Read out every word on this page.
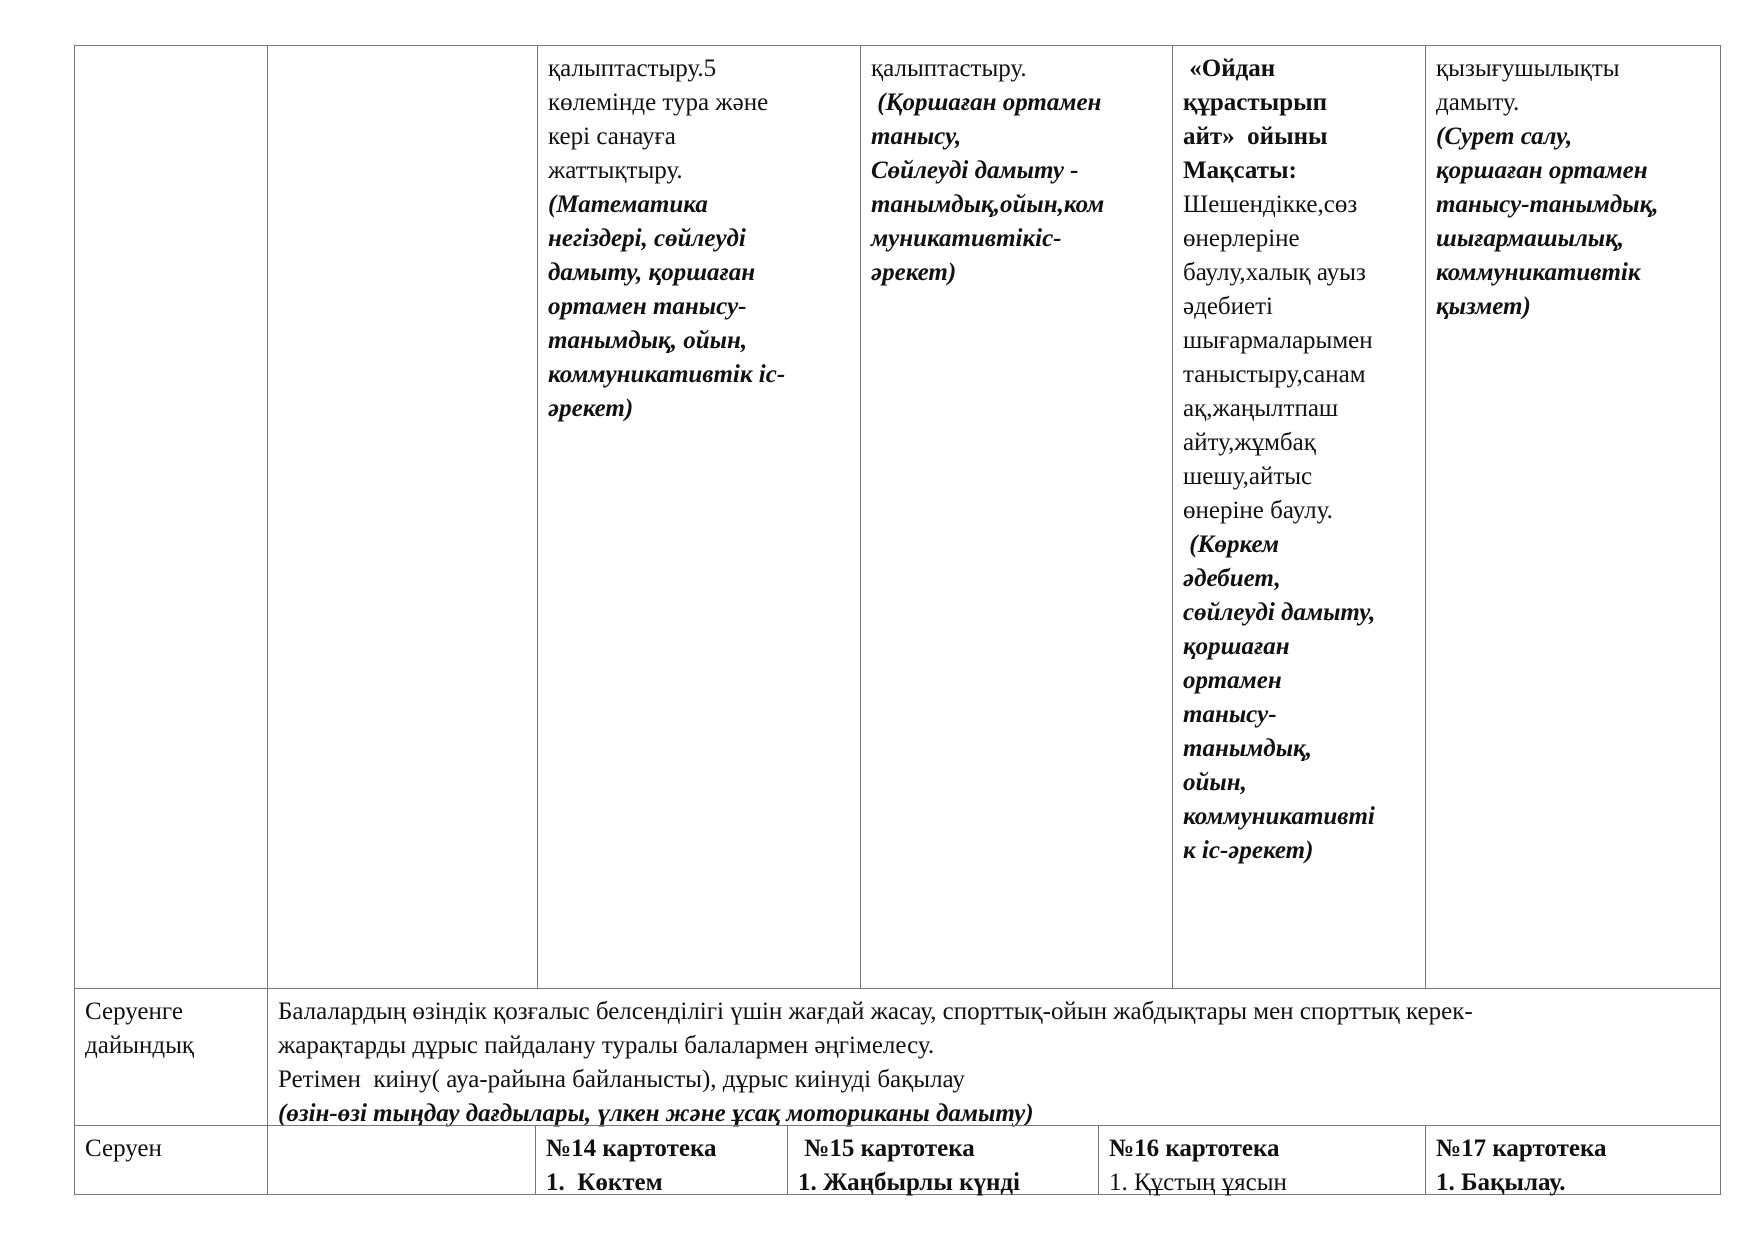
қалыптастыру.5
көлемінде тура және
кері санауға
жаттықтыру.
(Математика
негіздері, сөйлеуді
дамыту, қоршаған
ортамен танысу-
танымдық, ойын,
коммуникативтік іс-
әрекет)
қалыптастыру.
(Қоршаған ортамен
танысу,
Сөйлеуді дамыту -
танымдық,ойын,ком
муникативтікіс-
әрекет)
«Ойдан
құрастырып
айт»  ойыны
Мақсаты:
Шешендікке,сөз
өнерлеріне
баулу,халық ауыз
әдебиеті
шығармаларымен
таныстыру,санам
ақ,жаңылтпаш
айту,жұмбақ
шешу,айтыс
өнеріне баулу.
(Көркем
әдебиет,
сөйлеуді дамыту,
қоршаған
ортамен
танысу-
танымдық,
ойын,
коммуникативті
к іс-әрекет)
қызығушылықты
дамыту.
(Сурет салу,
қоршаған ортамен
танысу-танымдық,
шығармашылық,
коммуникативтік
қызмет)
Серуенге
дайындық
Балалардың өзіндік қозғалыс белсенділігі үшін жағдай жасау, спорттық-ойын жабдықтары мен спорттық керек-
жарақтарды дұрыс пайдалану туралы балалармен әңгімелесу.
Ретімен  киіну( ауа-райына байланысты), дұрыс киінуді бақылау
(өзін-өзі тыңдау дағдылары, үлкен және ұсақ моториканы дамыту)
Серуен	№14 картотека
1.  Көктем
№15 картотека
1. Жаңбырлы күнді
№16 картотека
1. Құстың ұясын
№17 картотека
1. Бақылау.
